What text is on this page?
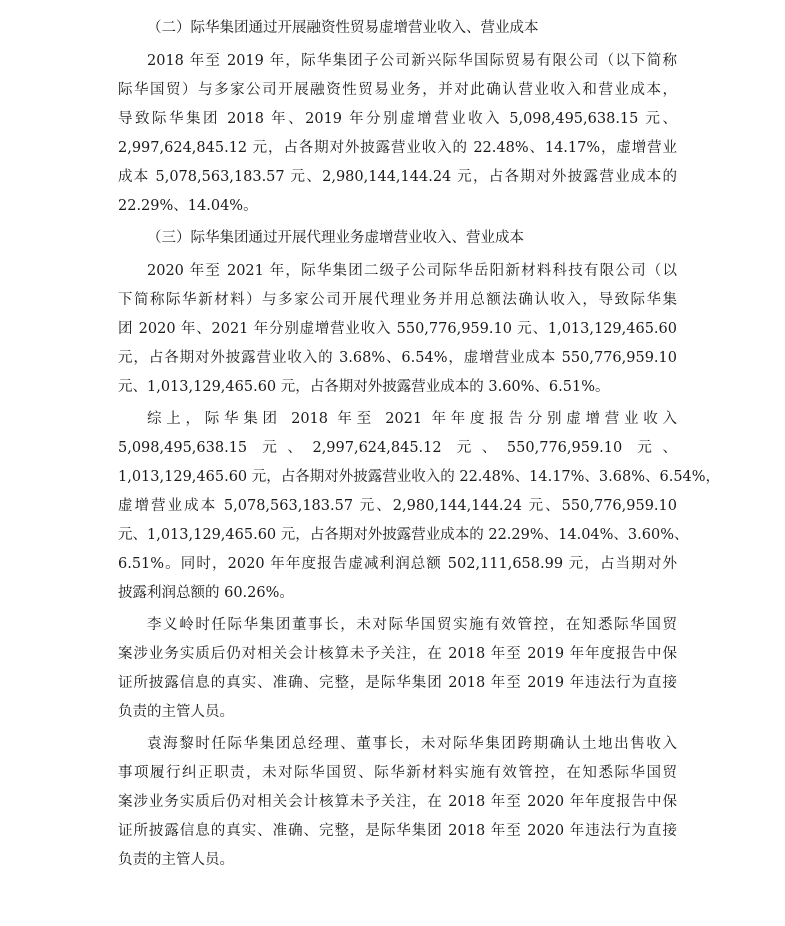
（二）际华集团通过开展融资性贸易虚增营业收入、营业成本
2018 年至 2019 年，际华集团子公司新兴际华国际贸易有限公司（以下简称
际华国贸）与多家公司开展融资性贸易业务，并对此确认营业收入和营业成本，
导致际华集团 2018 年、2019 年分别虚增营业收入 5,098,495,638.15 元、
2,997,624,845.12 元，占各期对外披露营业收入的 22.48%、14.17%，虚增营业
成本 5,078,563,183.57 元、2,980,144,144.24 元，占各期对外披露营业成本的
22.29%、14.04%。
（三）际华集团通过开展代理业务虚增营业收入、营业成本
2020 年至 2021 年，际华集团二级子公司际华岳阳新材料科技有限公司（以
下简称际华新材料）与多家公司开展代理业务并用总额法确认收入，导致际华集
团 2020 年、2021 年分别虚增营业收入 550,776,959.10 元、1,013,129,465.60
元，占各期对外披露营业收入的 3.68%、6.54%，虚增营业成本 550,776,959.10
元、1,013,129,465.60 元，占各期对外披露营业成本的 3.60%、6.51%。
综上，际华集团 2018 年至 2021 年年度报告分别虚增营业收入
5,098,495,638.15 元、2,997,624,845.12 元、550,776,959.10 元、
1,013,129,465.60 元，占各期对外披露营业收入的 22.48%、14.17%、3.68%、6.54%，
虚增营业成本 5,078,563,183.57 元、2,980,144,144.24 元、550,776,959.10
元、1,013,129,465.60 元，占各期对外披露营业成本的 22.29%、14.04%、3.60%、
6.51%。同时，2020 年年度报告虚减利润总额 502,111,658.99 元，占当期对外
披露利润总额的 60.26%。
李义岭时任际华集团董事长，未对际华国贸实施有效管控，在知悉际华国贸
案涉业务实质后仍对相关会计核算未予关注，在 2018 年至 2019 年年度报告中保
证所披露信息的真实、准确、完整，是际华集团 2018 年至 2019 年违法行为直接
负责的主管人员。
袁海黎时任际华集团总经理、董事长，未对际华集团跨期确认土地出售收入
事项履行纠正职责，未对际华国贸、际华新材料实施有效管控，在知悉际华国贸
案涉业务实质后仍对相关会计核算未予关注，在 2018 年至 2020 年年度报告中保
证所披露信息的真实、准确、完整，是际华集团 2018 年至 2020 年违法行为直接
负责的主管人员。
